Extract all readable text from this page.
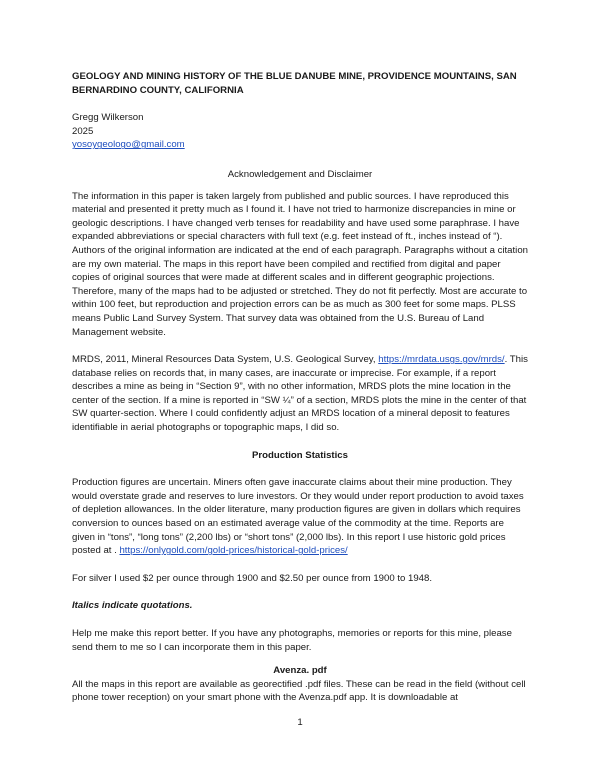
GEOLOGY AND MINING HISTORY OF THE BLUE DANUBE MINE, PROVIDENCE MOUNTAINS, SAN
BERNARDINO COUNTY, CALIFORNIA

Gregg Wilkerson
2025
yosoygeologo@gmail.com

Acknowledgement and Disclaimer

The information in this paper is taken largely from published and public sources. I have reproduced this material and presented it pretty much as I found it. I have not tried to harmonize discrepancies in mine or geologic descriptions. I have changed verb tenses for readability and have used some paraphrase. I have expanded abbreviations or special characters with full text (e.g. feet instead of ft., inches instead of “). Authors of the original information are indicated at the end of each paragraph. Paragraphs without a citation are my own material. The maps in this report have been compiled and rectified from digital and paper copies of original sources that were made at different scales and in different geographic projections. Therefore, many of the maps had to be adjusted or stretched. They do not fit perfectly. Most are accurate to within 100 feet, but reproduction and projection errors can be as much as 300 feet for some maps. PLSS means Public Land Survey System. That survey data was obtained from the U.S. Bureau of Land Management website.

MRDS, 2011, Mineral Resources Data System, U.S. Geological Survey, https://mrdata.usgs.gov/mrds/. This database relies on records that, in many cases, are inaccurate or imprecise. For example, if a report describes a mine as being in “Section 9”, with no other information, MRDS plots the mine location in the center of the section. If a mine is reported in “SW ¼” of a section, MRDS plots the mine in the center of that SW quarter-section. Where I could confidently adjust an MRDS location of a mineral deposit to features identifiable in aerial photographs or topographic maps, I did so.

Production Statistics

Production figures are uncertain. Miners often gave inaccurate claims about their mine production. They would overstate grade and reserves to lure investors. Or they would under report production to avoid taxes of depletion allowances. In the older literature, many production figures are given in dollars which requires conversion to ounces based on an estimated average value of the commodity at the time. Reports are given in “tons”, “long tons” (2,200 lbs) or “short tons” (2,000 lbs). In this report I use historic gold prices posted at . https://onlygold.com/gold-prices/historical-gold-prices/

For silver I used $2 per ounce through 1900 and $2.50 per ounce from 1900 to 1948.

Italics indicate quotations.

Help me make this report better. If you have any photographs, memories or reports for this mine, please send them to me so I can incorporate them in this paper.

Avenza. pdf

All the maps in this report are available as georectified .pdf files. These can be read in the field (without cell phone tower reception) on your smart phone with the Avenza.pdf app. It is downloadable at

1
